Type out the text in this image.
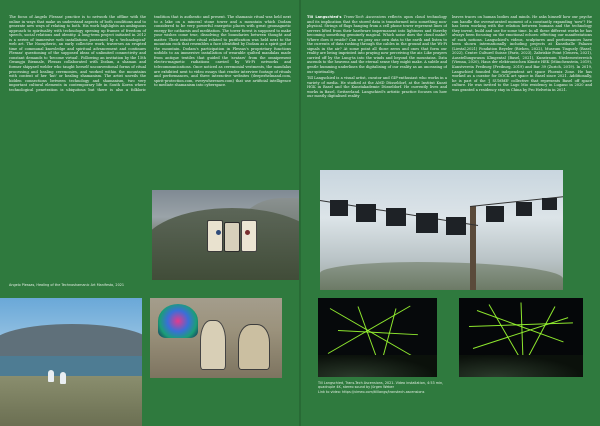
The focus of Angelo Plessas' practice is to network the offline with the online in ways that make us understand aspects of both conditions and to generate new ways of relating to both. His work highlights an ambiguous approach to spirituality with technology opening up frames of freedom of speech, social relations and identity. A long-term project initiated in 2012 is a series of immersive web installations possessed by a 'technological' web art. The Noospheric, an early collective work, traverses an erupted time of communal knowledge and spiritual advancement and continues Plessas' questioning of the supposed ideas of unlimited connectivity and constant demands to 'become virtual'. Following an invitation by the 15th Gwangju Biennale, Plessas collaborated with Dodam, a shaman and former shipyard welder who taught herself unconventional forms of ritual processing and healing ceremonies, and worked within the mountains with content of her 'kut' or healing shamanism. The artist unveils the hidden connections between technology and shamanism, two very important cultural elements in contemporary life in South Korea where technological penetration is ubiquitous but there is also a folkloric tradition that is authentic and present. The shamanic ritual was held next to a lake on a mineral stone tower and a mountain which Dodam considered to be very powerful energetic places with great geomagnetic energy for catharsis and meditation. The tower forest is supposed to make your wishes come true, dissolving the boundaries between thought and matter. Their intuitive ritual related to purification was held next to the mountain rock that resembles a face identified by Dodam as a spirit god of the mountain. Dodam's participation in Plessas's proprietary functions unfolds to an immersive installation of wearable quilted mandalas made from antique textiles that guided the 'avatars' from the omnipresent electro-magnetic radiations carried by Wi-Fi networks and telecommunications. Once noticed as ceremonial vestments, the mandalas are exhibited next to video essays that render interview footage of rituals and performances, and three interactive websites (deeperhelmand.com, spirit-protection.com, everywherenow.com) that use artificial intelligence to mediate shamanism into cyberspace.

Till Langschied's Trans-Tech Ascensions reflects upon cloud technology and its implication that the stored data is transformed into something non-physical. Strings of flags hanging from a cell phone tower represent lines of servers lifted from their hardware impermanent into lightness and thereby becoming something genuinely magical. Which noise does the cloud make? Where does it reside? Can we pray our own data to the earth and listen to the currents of data rushing through the cables in the ground and the Wi-Fi signals in the air? At some point all those zeros and ones that form our reality are being imprinted into praying now perceiving the air. Like prayers carried off by the Lung-ta into the winds and beyond the mountains. Data ascends to the heavens and the eternal sense they might make. A subtle and gentle humming underlines the digitalising of our reality as an unceasing of our spirituality.

Till Langschied is a visual artist, curator and GIF-enthusiast who works in a variety of media. He studied at the AMD Düsseldorf, at the Institut Kunst HGK in Basel and the Kunstakademie Düsseldorf. He currently lives and works in Basel, Switzerland. Langschied's artistic practice focuses on how our mostly digitalised reality

leaves traces on human bodies and minds. He asks himself how our psyche can handle the oversaturated moment of a constantly expanding 'now'? He has been working with the relation between humans and the technology they invent, build and use for some time. In all these different works he has always been focusing on the emotional echoes: effecting our manifestations of such notions. Langschied's videos, sculptures and performances have been shown internationally including projects at Kunsthalle Palazzo (Liestal,2021) Fondation Beyeler (Riehen, 2022), Museum Tinguely (Basel, 2022), Centre Culturel Suisse (Paris, 2023), Zabriskie Point (Geneva, 2021), Ausstellungsraum Klingental (Basel, 2021), Kunstraum Niederoesterreich (Vienna, 2020), Haus der elektronischen Künste HEK (Münchenstein, 2019), Kunstverein Freiburg (Freiburg, 2019) and Bar 39 (Zurich, 2019). In 2019, Langschied founded the independent art space Phoenix Zone. He has worked as a curator for DOCK art space in Basel since 2021. Additionally, he is part of the 'J SUMME' collective that represents Basel off space culture. He was invited to the Lago Mio residency in Lugano in 2020 and was granted a residency stay in China by Pro Helvetia in 2021.

Angelo Plessas, Healing of the Technoshamanic Art Manifesto, 2021
Till Langschied, Trans-Tech Ascensions, 2021. Video installation, 4:53 min,
quadruple 4K, stereo sound by Jürgen Weber
Link to video: https://vimeo.com/tilllangs/transtech-ascensions
